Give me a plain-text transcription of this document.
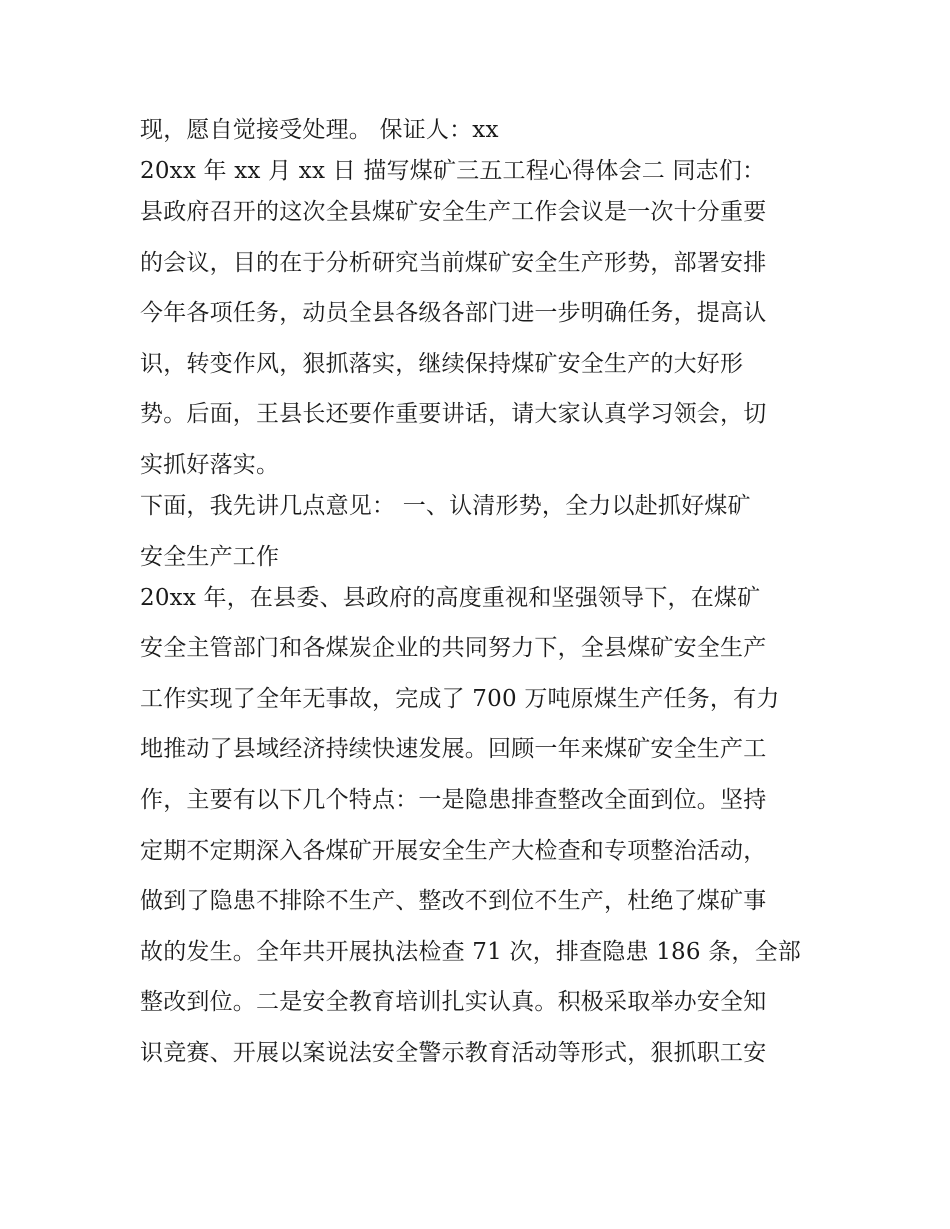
现，愿自觉接受处理。 保证人：xx
20xx 年 xx 月 xx 日 描写煤矿三五工程心得体会二 同志们：
县政府召开的这次全县煤矿安全生产工作会议是一次十分重要
的会议，目的在于分析研究当前煤矿安全生产形势，部署安排
今年各项任务，动员全县各级各部门进一步明确任务，提高认
识，转变作风，狠抓落实，继续保持煤矿安全生产的大好形
势。后面，王县长还要作重要讲话，请大家认真学习领会，切
实抓好落实。
下面，我先讲几点意见： 一、认清形势，全力以赴抓好煤矿
安全生产工作
20xx 年，在县委、县政府的高度重视和坚强领导下，在煤矿
安全主管部门和各煤炭企业的共同努力下，全县煤矿安全生产
工作实现了全年无事故，完成了 700 万吨原煤生产任务，有力
地推动了县域经济持续快速发展。回顾一年来煤矿安全生产工
作，主要有以下几个特点：一是隐患排查整改全面到位。坚持
定期不定期深入各煤矿开展安全生产大检查和专项整治活动，
做到了隐患不排除不生产、整改不到位不生产，杜绝了煤矿事
故的发生。全年共开展执法检查 71 次，排查隐患 186 条，全部
整改到位。二是安全教育培训扎实认真。积极采取举办安全知
识竞赛、开展以案说法安全警示教育活动等形式，狠抓职工安
